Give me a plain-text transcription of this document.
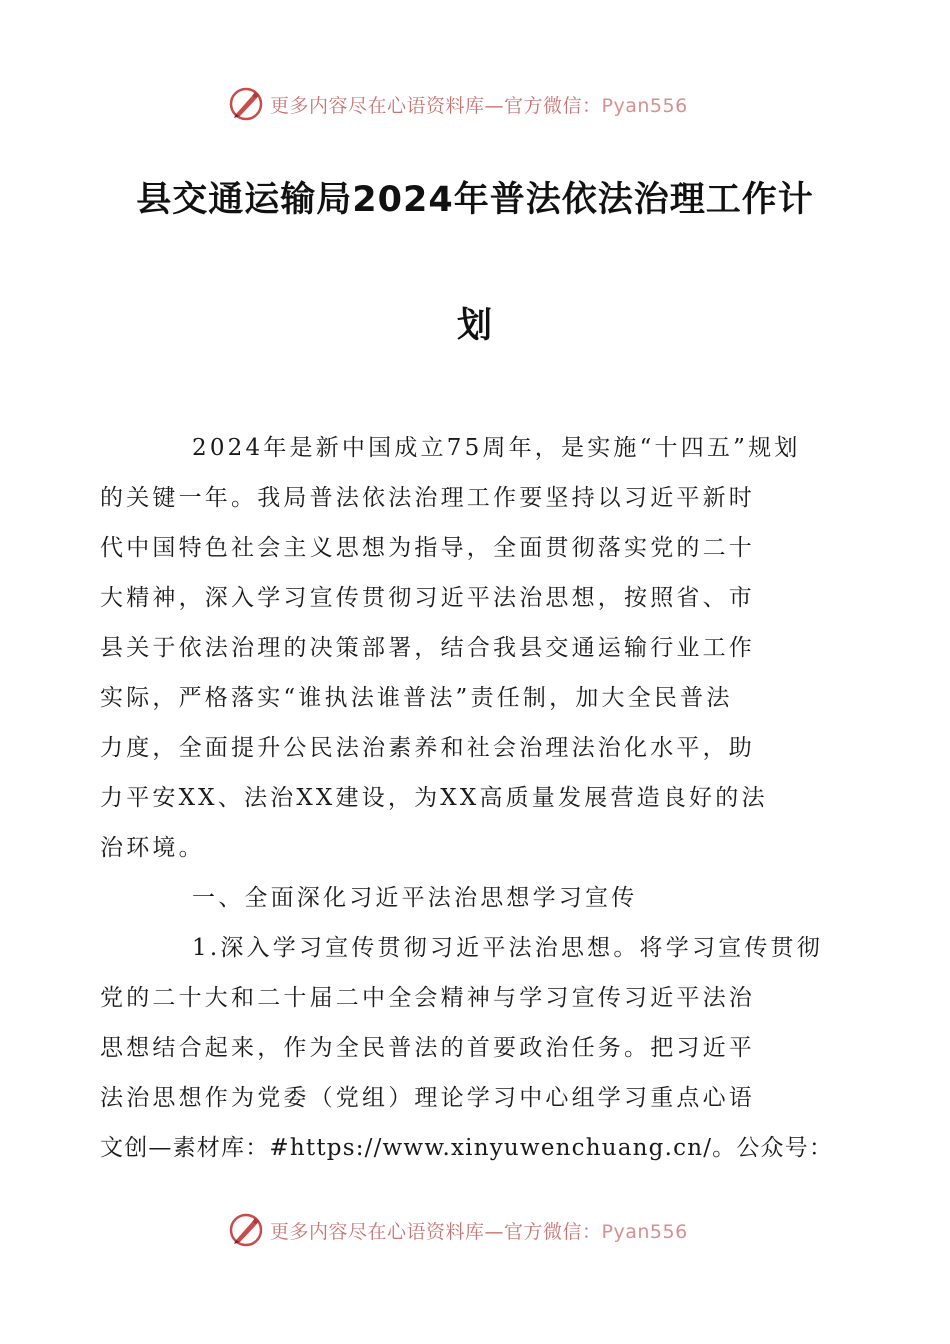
更多内容尽在心语资料库—官方微信：Pyan556
县交通运输局2024年普法依法治理工作计
划

2024年是新中国成立75周年，是实施“十四五”规划
的关键一年。我局普法依法治理工作要坚持以习近平新时
代中国特色社会主义思想为指导，全面贯彻落实党的二十
大精神，深入学习宣传贯彻习近平法治思想，按照省、市
县关于依法治理的决策部署，结合我县交通运输行业工作
实际，严格落实“谁执法谁普法”责任制，加大全民普法
力度，全面提升公民法治素养和社会治理法治化水平，助
力平安XX、法治XX建设，为XX高质量发展营造良好的法
治环境。

一、全面深化习近平法治思想学习宣传

1.深入学习宣传贯彻习近平法治思想。将学习宣传贯彻
党的二十大和二十届二中全会精神与学习宣传习近平法治
思想结合起来，作为全民普法的首要政治任务。把习近平
法治思想作为党委（党组）理论学习中心组学习重点心语
文创—素材库：#https://www.xinyuwenchuang.cn/。公众号：

更多内容尽在心语资料库—官方微信：Pyan556
